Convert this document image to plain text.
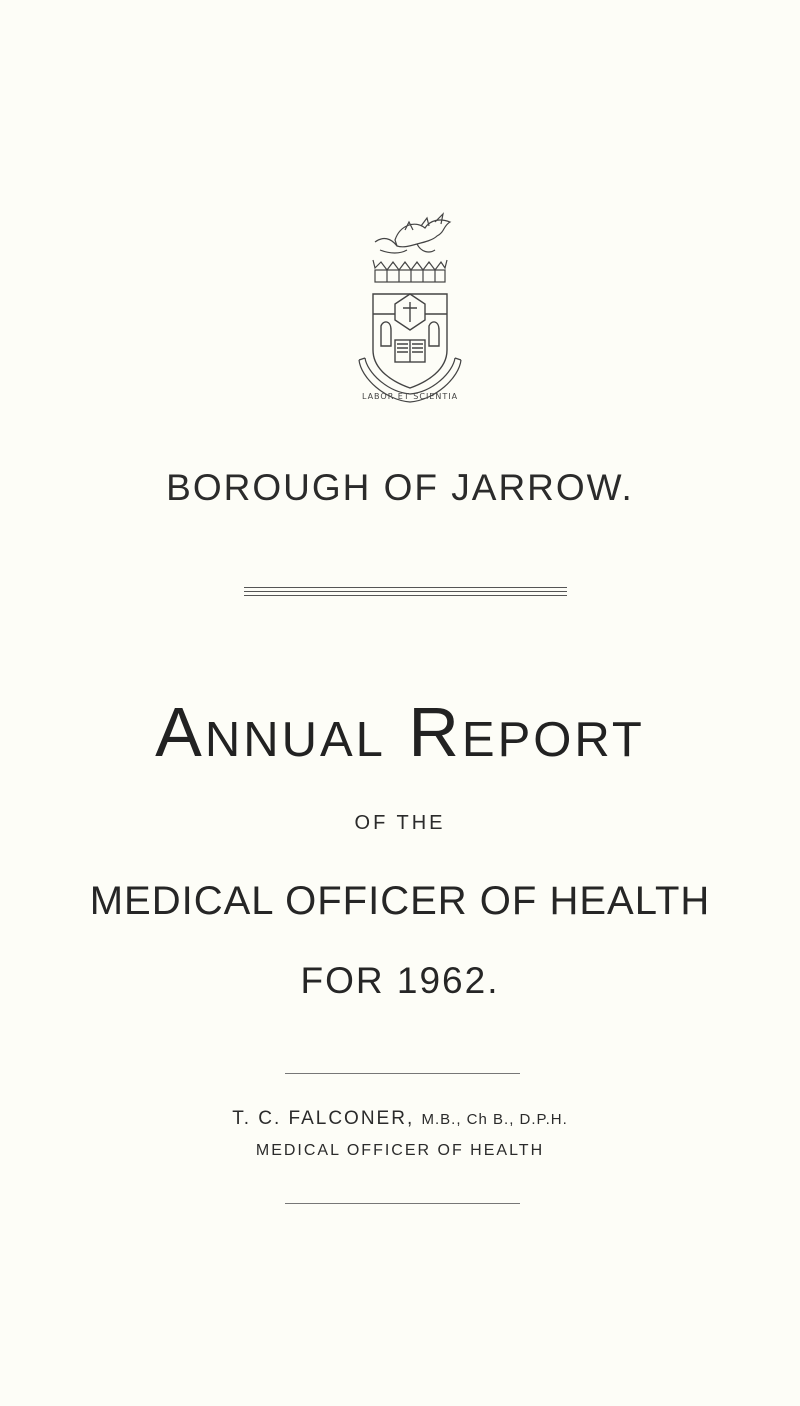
LABOR ET SCIENTIA
BOROUGH OF JARROW.
Annual Report
OF THE
MEDICAL OFFICER OF HEALTH
FOR 1962.
T. C. FALCONER, M.B., Ch B., D.P.H.
MEDICAL OFFICER OF HEALTH
